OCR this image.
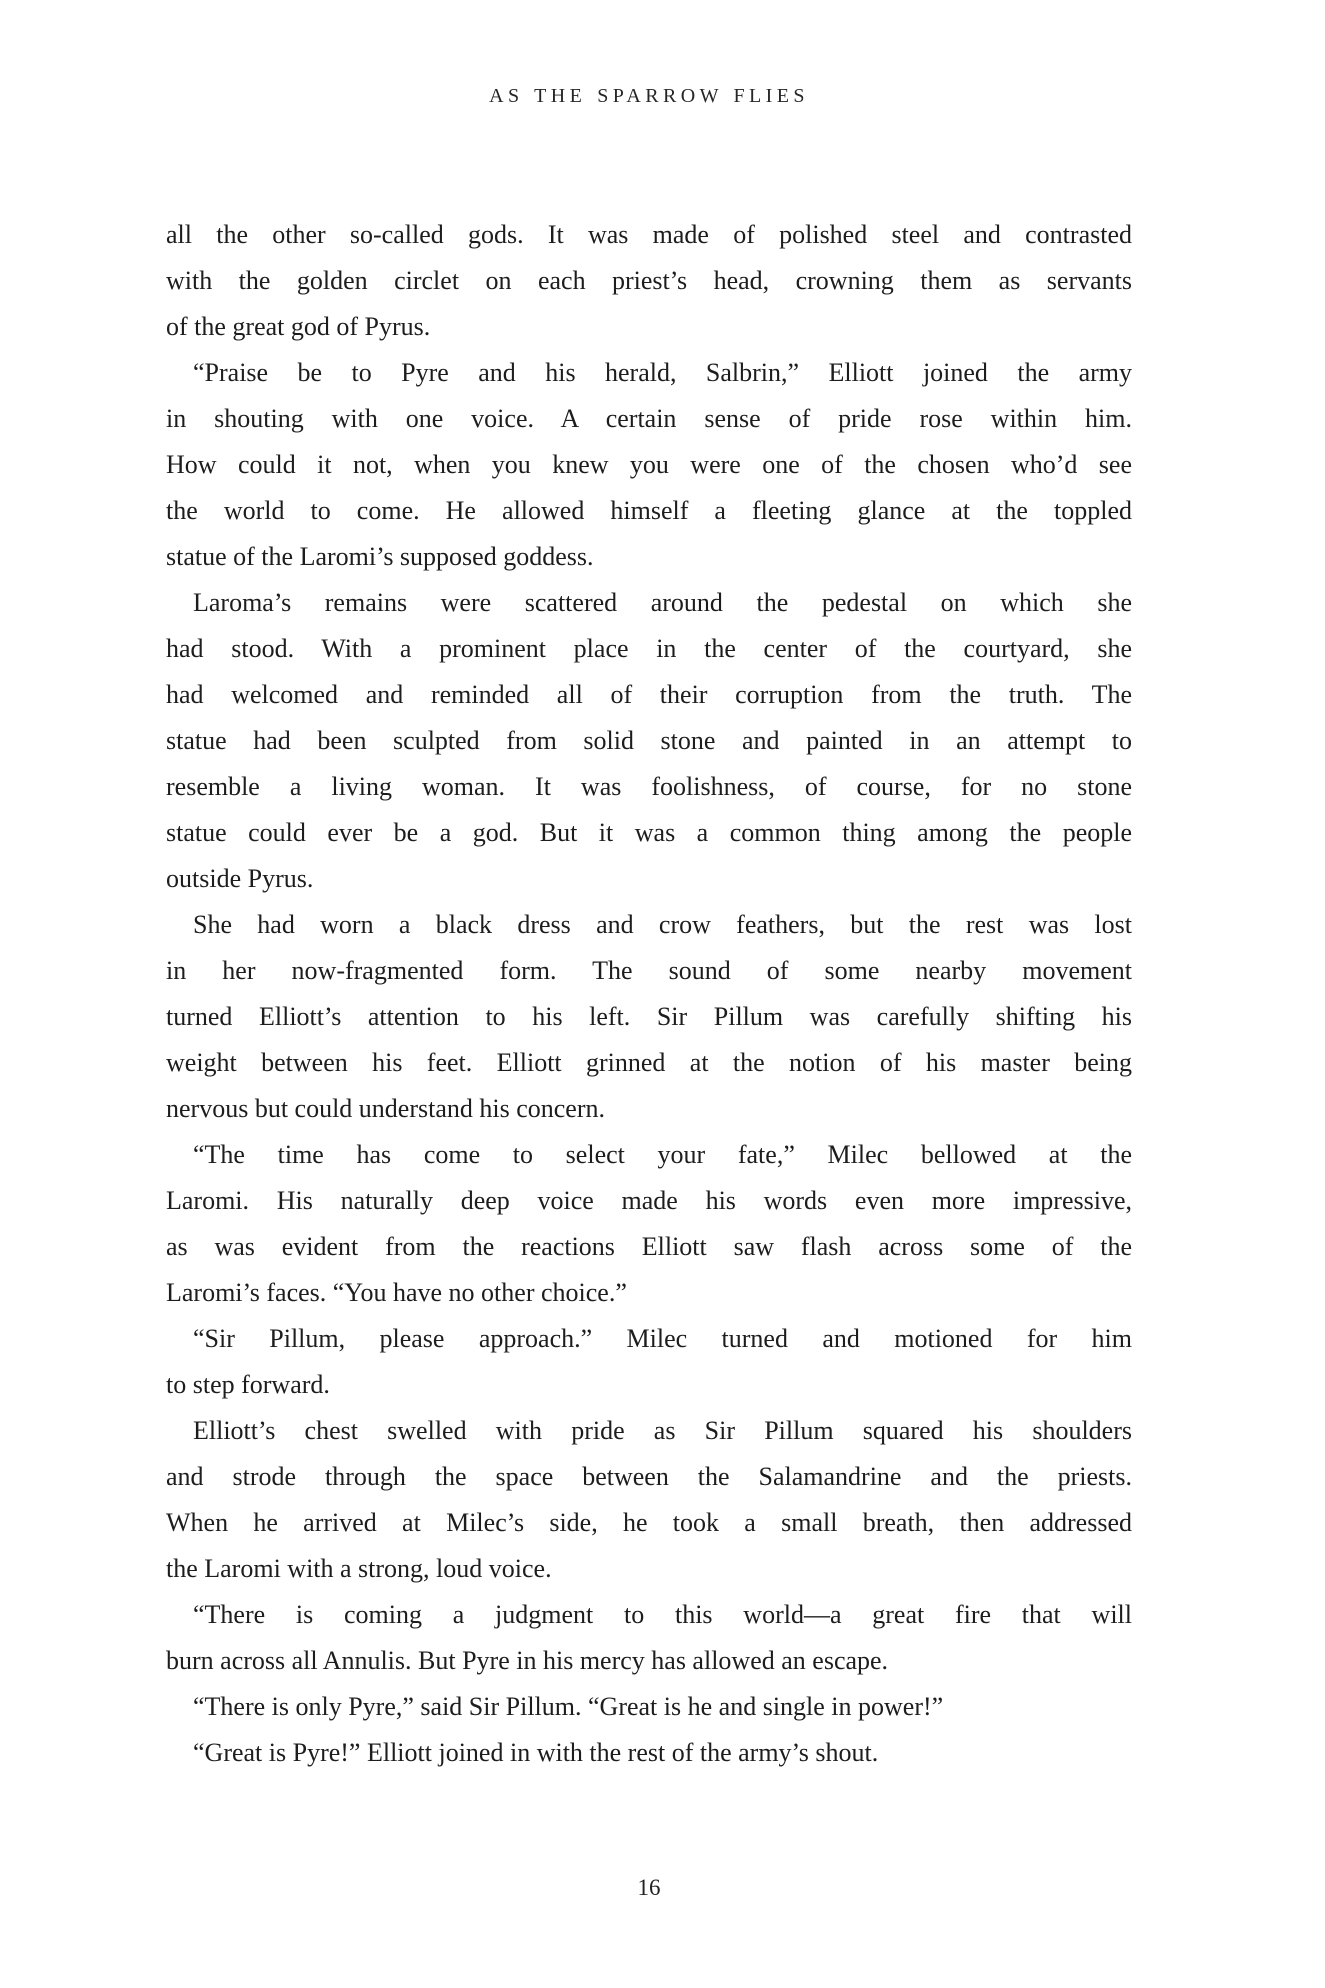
AS THE SPARROW FLIES
all the other so-called gods. It was made of polished steel and contrasted
with the golden circlet on each priest’s head, crowning them as servants
of the great god of Pyrus.
“Praise be to Pyre and his herald, Salbrin,” Elliott joined the army
in shouting with one voice. A certain sense of pride rose within him.
How could it not, when you knew you were one of the chosen who’d see
the world to come. He allowed himself a fleeting glance at the toppled
statue of the Laromi’s supposed goddess.
Laroma’s remains were scattered around the pedestal on which she
had stood. With a prominent place in the center of the courtyard, she
had welcomed and reminded all of their corruption from the truth. The
statue had been sculpted from solid stone and painted in an attempt to
resemble a living woman. It was foolishness, of course, for no stone
statue could ever be a god. But it was a common thing among the people
outside Pyrus.
She had worn a black dress and crow feathers, but the rest was lost
in her now-fragmented form. The sound of some nearby movement
turned Elliott’s attention to his left. Sir Pillum was carefully shifting his
weight between his feet. Elliott grinned at the notion of his master being
nervous but could understand his concern.
“The time has come to select your fate,” Milec bellowed at the
Laromi. His naturally deep voice made his words even more impressive,
as was evident from the reactions Elliott saw flash across some of the
Laromi’s faces. “You have no other choice.”
“Sir Pillum, please approach.” Milec turned and motioned for him
to step forward.
Elliott’s chest swelled with pride as Sir Pillum squared his shoulders
and strode through the space between the Salamandrine and the priests.
When he arrived at Milec’s side, he took a small breath, then addressed
the Laromi with a strong, loud voice.
“There is coming a judgment to this world—a great fire that will
burn across all Annulis. But Pyre in his mercy has allowed an escape.
“There is only Pyre,” said Sir Pillum. “Great is he and single in power!”
“Great is Pyre!” Elliott joined in with the rest of the army’s shout.
16
